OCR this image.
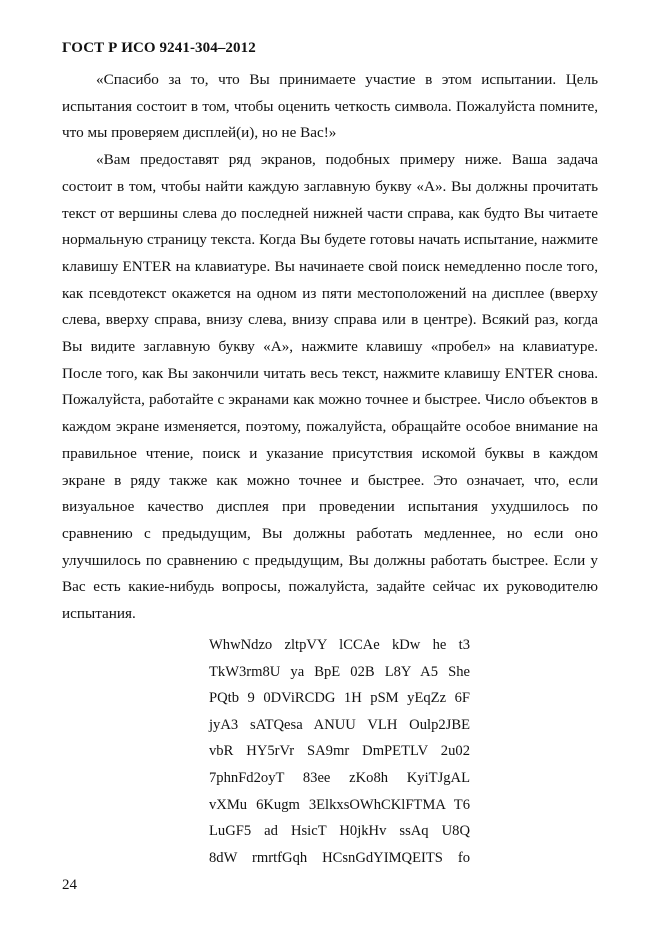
ГОСТ Р ИСО 9241-304–2012

«Спасибо за то, что Вы принимаете участие в этом испытании. Цель испытания состоит в том, чтобы оценить четкость символа. Пожалуйста помните, что мы проверяем дисплей(и), но не Вас!»

«Вам предоставят ряд экранов, подобных примеру ниже. Ваша задача состоит в том, чтобы найти каждую заглавную букву «А». Вы должны прочитать текст от вершины слева до последней нижней части справа, как будто Вы читаете нормальную страницу текста. Когда Вы будете готовы начать испытание, нажмите клавишу ENTER на клавиатуре. Вы начинаете свой поиск немедленно после того, как псевдотекст окажется на одном из пяти местоположений на дисплее (вверху слева, вверху справа, внизу слева, внизу справа или в центре). Всякий раз, когда Вы видите заглавную букву «А», нажмите клавишу «пробел» на клавиатуре. После того, как Вы закончили читать весь текст, нажмите клавишу ENTER снова. Пожалуйста, работайте с экранами как можно точнее и быстрее. Число объектов в каждом экране изменяется, поэтому, пожалуйста, обращайте особое внимание на правильное чтение, поиск и указание присутствия искомой буквы в каждом экране в ряду также как можно точнее и быстрее. Это означает, что, если визуальное качество дисплея при проведении испытания ухудшилось по сравнению с предыдущим, Вы должны работать медленнее, но если оно улучшилось по сравнению с предыдущим, Вы должны работать быстрее. Если у Вас есть какие-нибудь вопросы, пожалуйста, задайте сейчас их руководителю испытания.

WhwNdzo zltpVY lCCAe kDw he t3
TkW3rm8U ya BpE 02B L8Y A5 She
PQtb 9 0DViRCDG 1H pSM yEqZz 6F
jyA3 sATQesa ANUU VLH Oulp2JBE
vbR HY5rVr SA9mr DmPETLV 2u02
7phnFd2oyT 83ee zKo8h KyiTJgAL
vXMu 6Kugm 3ElkxsOWhCKlFTMA T6
LuGF5 ad HsicT H0jkHv ssAq U8Q
8dW rmrtfGqh HCsnGdYIMQEITS fo
24
